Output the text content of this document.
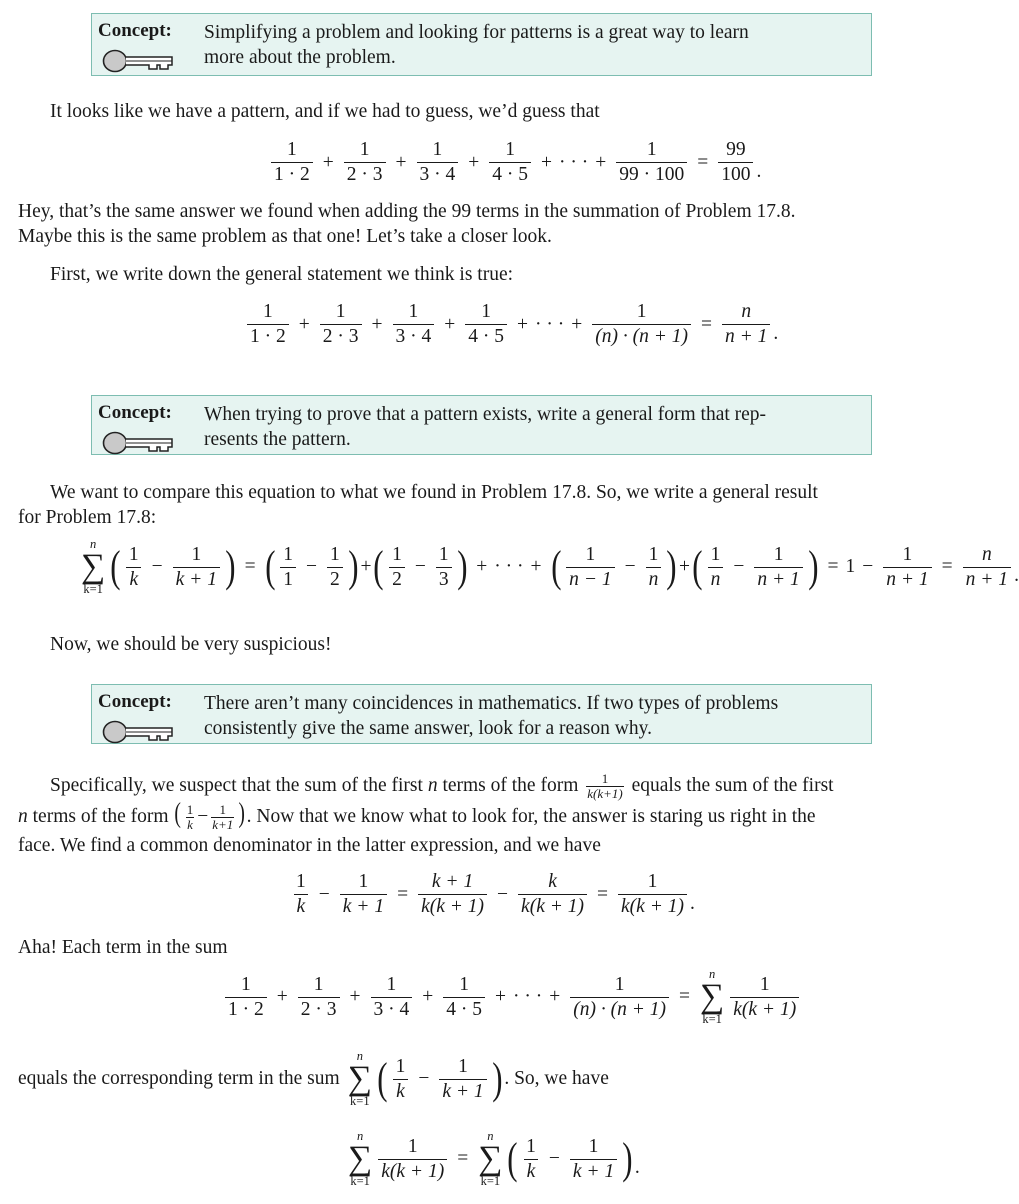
Concept: Simplifying a problem and looking for patterns is a great way to learn
more about the problem.
It looks like we have a pattern, and if we had to guess, we’d guess that
$\frac{1}{1 \cdot 2} + \frac{1}{2 \cdot 3} + \frac{1}{3 \cdot 4} + \frac{1}{4 \cdot 5}$ + · · · + $\frac{1}{99 \cdot 100} = \frac{99}{100}$ .
Hey, that’s the same answer we found when adding the 99 terms in the summation of Problem 17.8.
Maybe this is the same problem as that one! Let’s take a closer look.
First, we write down the general statement we think is true:
$\frac{1}{1 \cdot 2} + \frac{1}{2 \cdot 3} + \frac{1}{3 \cdot 4} + \frac{1}{4 \cdot 5}$ + · · · + $\frac{1}{(n) \cdot (n + 1)} = \frac{n}{n + 1}$ .
Concept: When trying to prove that a pattern exists, write a general form that rep-
resents the pattern.
We want to compare this equation to what we found in Problem 17.8. So, we write a general result
for Problem 17.8:
n
∑
k=1 ( $\frac{1}{k} - \frac{1}{k + 1}$ ) = ( $\frac{1}{1} - \frac{1}{2}$ ) + ( $\frac{1}{2} - \frac{1}{3}$ ) + · · · + ( $\frac{1}{n - 1} - \frac{1}{n}$ ) + ( $\frac{1}{n} - \frac{1}{n + 1}$ ) = $1 - \frac{1}{n + 1} = \frac{n}{n + 1}$ .
Now, we should be very suspicious!
Concept: There aren’t many coincidences in mathematics. If two types of problems
consistently give the same answer, look for a reason why.
Specifically, we suspect that the sum of the first n terms of the form $\frac{1}{k(k+1)}$ equals the sum of the first
n terms of the form ( $\frac{1}{k} - \frac{1}{k+1}$ ). Now that we know what to look for, the answer is staring us right in the
face. We find a common denominator in the latter expression, and we have
$\frac{1}{k} - \frac{1}{k + 1} = \frac{k + 1}{k(k + 1)} - \frac{k}{k(k + 1)} = \frac{1}{k(k + 1)}$ .
Aha! Each term in the sum
$\frac{1}{1 \cdot 2} + \frac{1}{2 \cdot 3} + \frac{1}{3 \cdot 4} + \frac{1}{4 \cdot 5}$ + · · · + $\frac{1}{(n) \cdot (n + 1)}$ =
n
∑
$k=1 \frac{1}{k(k + 1)}$
equals the corresponding term in the sum
n
∑
k=1 ( $\frac{1}{k} - \frac{1}{k + 1}$ ) . So, we have
n
∑
$k=1 \frac{1}{k(k + 1)}$ =
n
∑
k=1 ( $\frac{1}{k} - \frac{1}{k + 1}$ ) .
